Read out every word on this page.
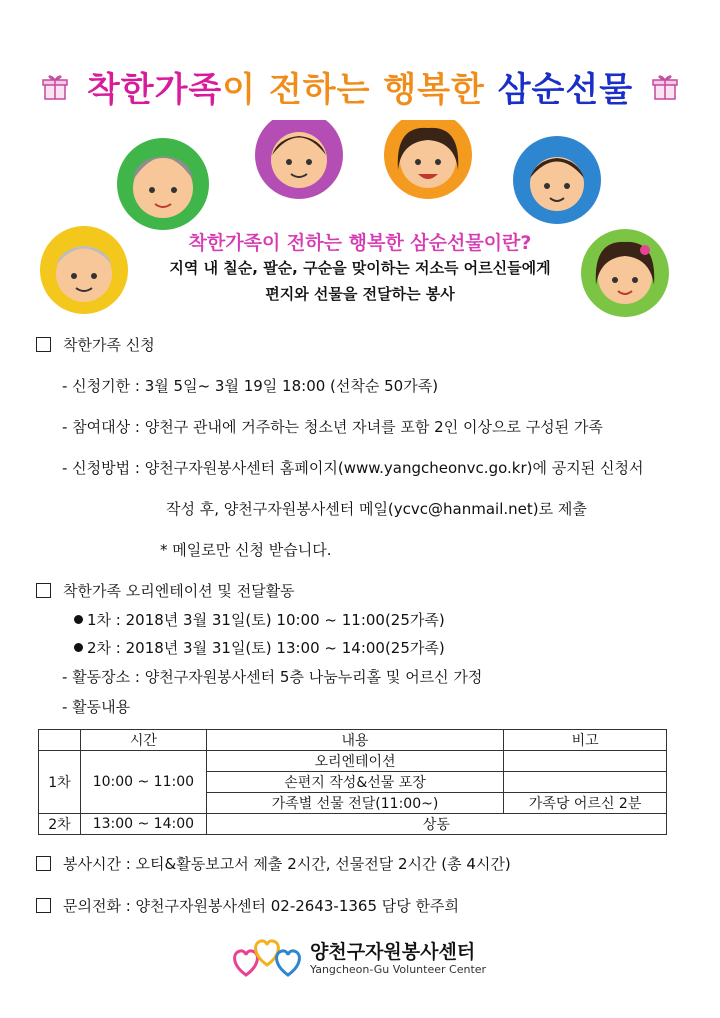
착한가족이 전하는 행복한 삼순선물
착한가족이 전하는 행복한 삼순선물이란?
지역 내 칠순, 팔순, 구순을 맞이하는 저소득 어르신들에게
편지와 선물을 전달하는 봉사
착한가족 신청
- 신청기한 : 3월 5일~ 3월 19일 18:00 (선착순 50가족)
- 참여대상 : 양천구 관내에 거주하는 청소년 자녀를 포함 2인 이상으로 구성된 가족
- 신청방법 : 양천구자원봉사센터 홈페이지(www.yangcheonvc.go.kr)에 공지된 신청서
작성 후, 양천구자원봉사센터 메일(ycvc@hanmail.net)로 제출
* 메일로만 신청 받습니다.
착한가족 오리엔테이션 및 전달활동
1차 : 2018년 3월 31일(토) 10:00 ~ 11:00(25가족)
2차 : 2018년 3월 31일(토) 13:00 ~ 14:00(25가족)
- 활동장소 : 양천구자원봉사센터 5층 나눔누리홀 및 어르신 가정
- 활동내용
	시간	내용	비고
1차	10:00 ~ 11:00	오리엔테이션	
		손편지 작성&선물 포장	
		가족별 선물 전달(11:00~)	가족당 어르신 2분
2차	13:00 ~ 14:00	상동	
봉사시간 : 오티&활동보고서 제출 2시간, 선물전달 2시간 (총 4시간)
문의전화 : 양천구자원봉사센터 02-2643-1365 담당 한주희
양천구자원봉사센터
Yangcheon-Gu Volunteer Center
